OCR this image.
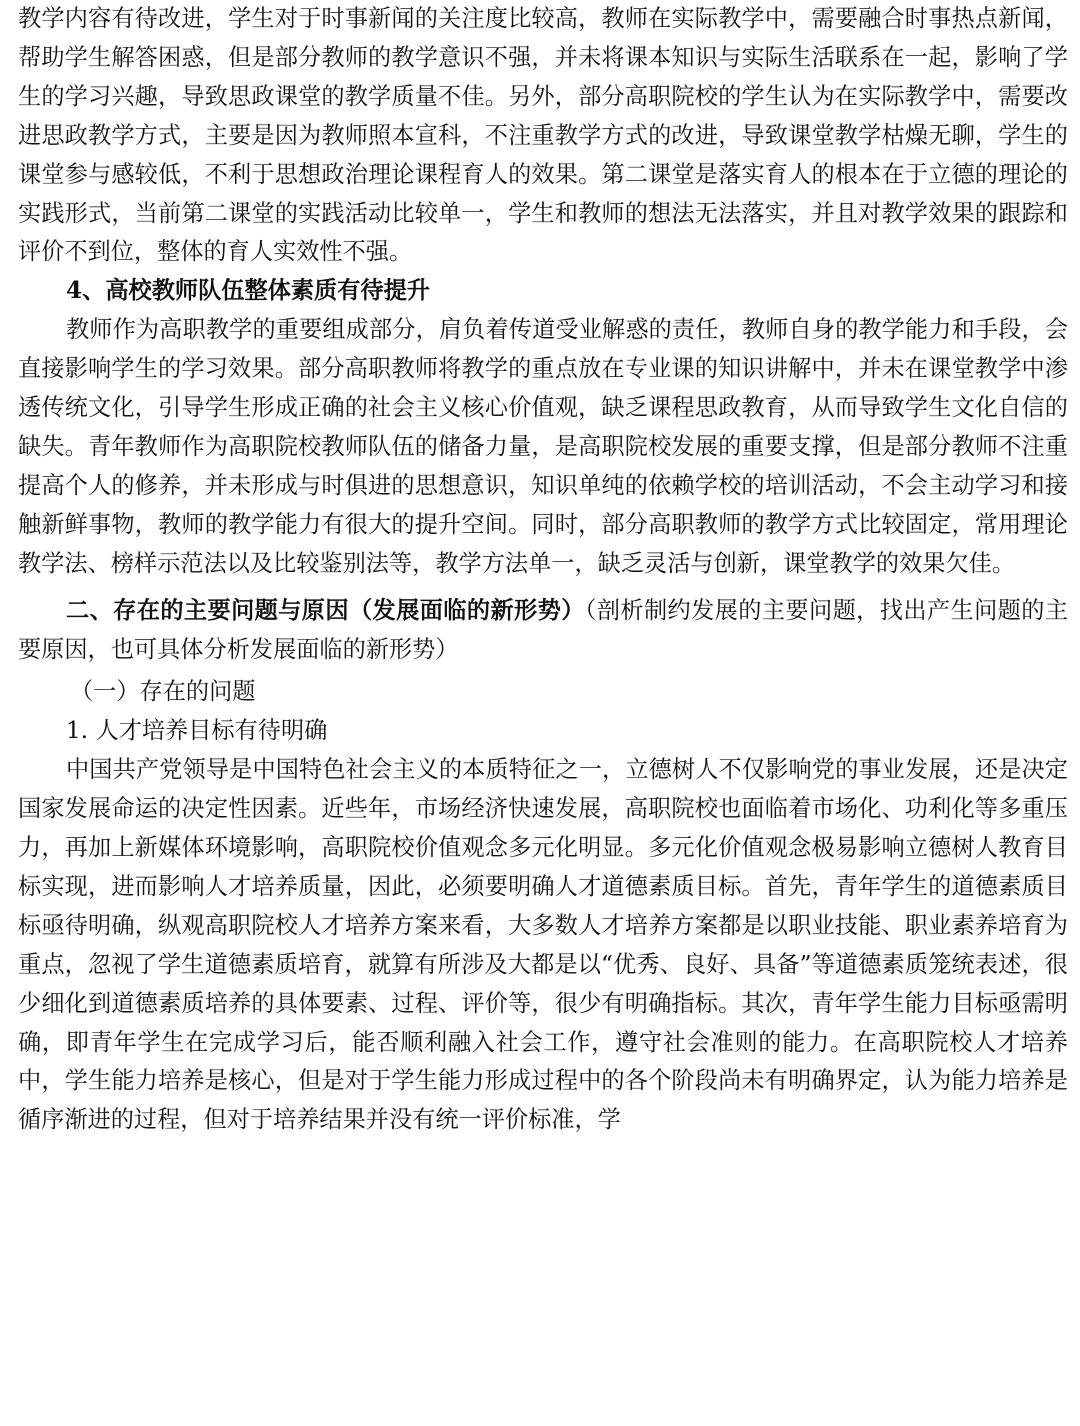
教学内容有待改进，学生对于时事新闻的关注度比较高，教师在实际教学中，需要融合时事热点新闻，帮助学生解答困惑，但是部分教师的教学意识不强，并未将课本知识与实际生活联系在一起，影响了学生的学习兴趣，导致思政课堂的教学质量不佳。另外，部分高职院校的学生认为在实际教学中，需要改进思政教学方式，主要是因为教师照本宣科，不注重教学方式的改进，导致课堂教学枯燥无聊，学生的课堂参与感较低，不利于思想政治理论课程育人的效果。第二课堂是落实育人的根本在于立德的理论的实践形式，当前第二课堂的实践活动比较单一，学生和教师的想法无法落实，并且对教学效果的跟踪和评价不到位，整体的育人实效性不强。

4、高校教师队伍整体素质有待提升

教师作为高职教学的重要组成部分，肩负着传道受业解惑的责任，教师自身的教学能力和手段，会直接影响学生的学习效果。部分高职教师将教学的重点放在专业课的知识讲解中，并未在课堂教学中渗透传统文化，引导学生形成正确的社会主义核心价值观，缺乏课程思政教育，从而导致学生文化自信的缺失。青年教师作为高职院校教师队伍的储备力量，是高职院校发展的重要支撑，但是部分教师不注重提高个人的修养，并未形成与时俱进的思想意识，知识单纯的依赖学校的培训活动，不会主动学习和接触新鲜事物，教师的教学能力有很大的提升空间。同时，部分高职教师的教学方式比较固定，常用理论教学法、榜样示范法以及比较鉴别法等，教学方法单一，缺乏灵活与创新，课堂教学的效果欠佳。

二、存在的主要问题与原因（发展面临的新形势）（剖析制约发展的主要问题，找出产生问题的主要原因，也可具体分析发展面临的新形势）

（一）存在的问题

1. 人才培养目标有待明确

中国共产党领导是中国特色社会主义的本质特征之一，立德树人不仅影响党的事业发展，还是决定国家发展命运的决定性因素。近些年，市场经济快速发展，高职院校也面临着市场化、功利化等多重压力，再加上新媒体环境影响，高职院校价值观念多元化明显。多元化价值观念极易影响立德树人教育目标实现，进而影响人才培养质量，因此，必须要明确人才道德素质目标。首先，青年学生的道德素质目标亟待明确，纵观高职院校人才培养方案来看，大多数人才培养方案都是以职业技能、职业素养培育为重点，忽视了学生道德素质培育，就算有所涉及大都是以“优秀、良好、具备”等道德素质笼统表述，很少细化到道德素质培养的具体要素、过程、评价等，很少有明确指标。其次，青年学生能力目标亟需明确，即青年学生在完成学习后，能否顺利融入社会工作，遵守社会准则的能力。在高职院校人才培养中，学生能力培养是核心，但是对于学生能力形成过程中的各个阶段尚未有明确界定，认为能力培养是循序渐进的过程，但对于培养结果并没有统一评价标准，学
